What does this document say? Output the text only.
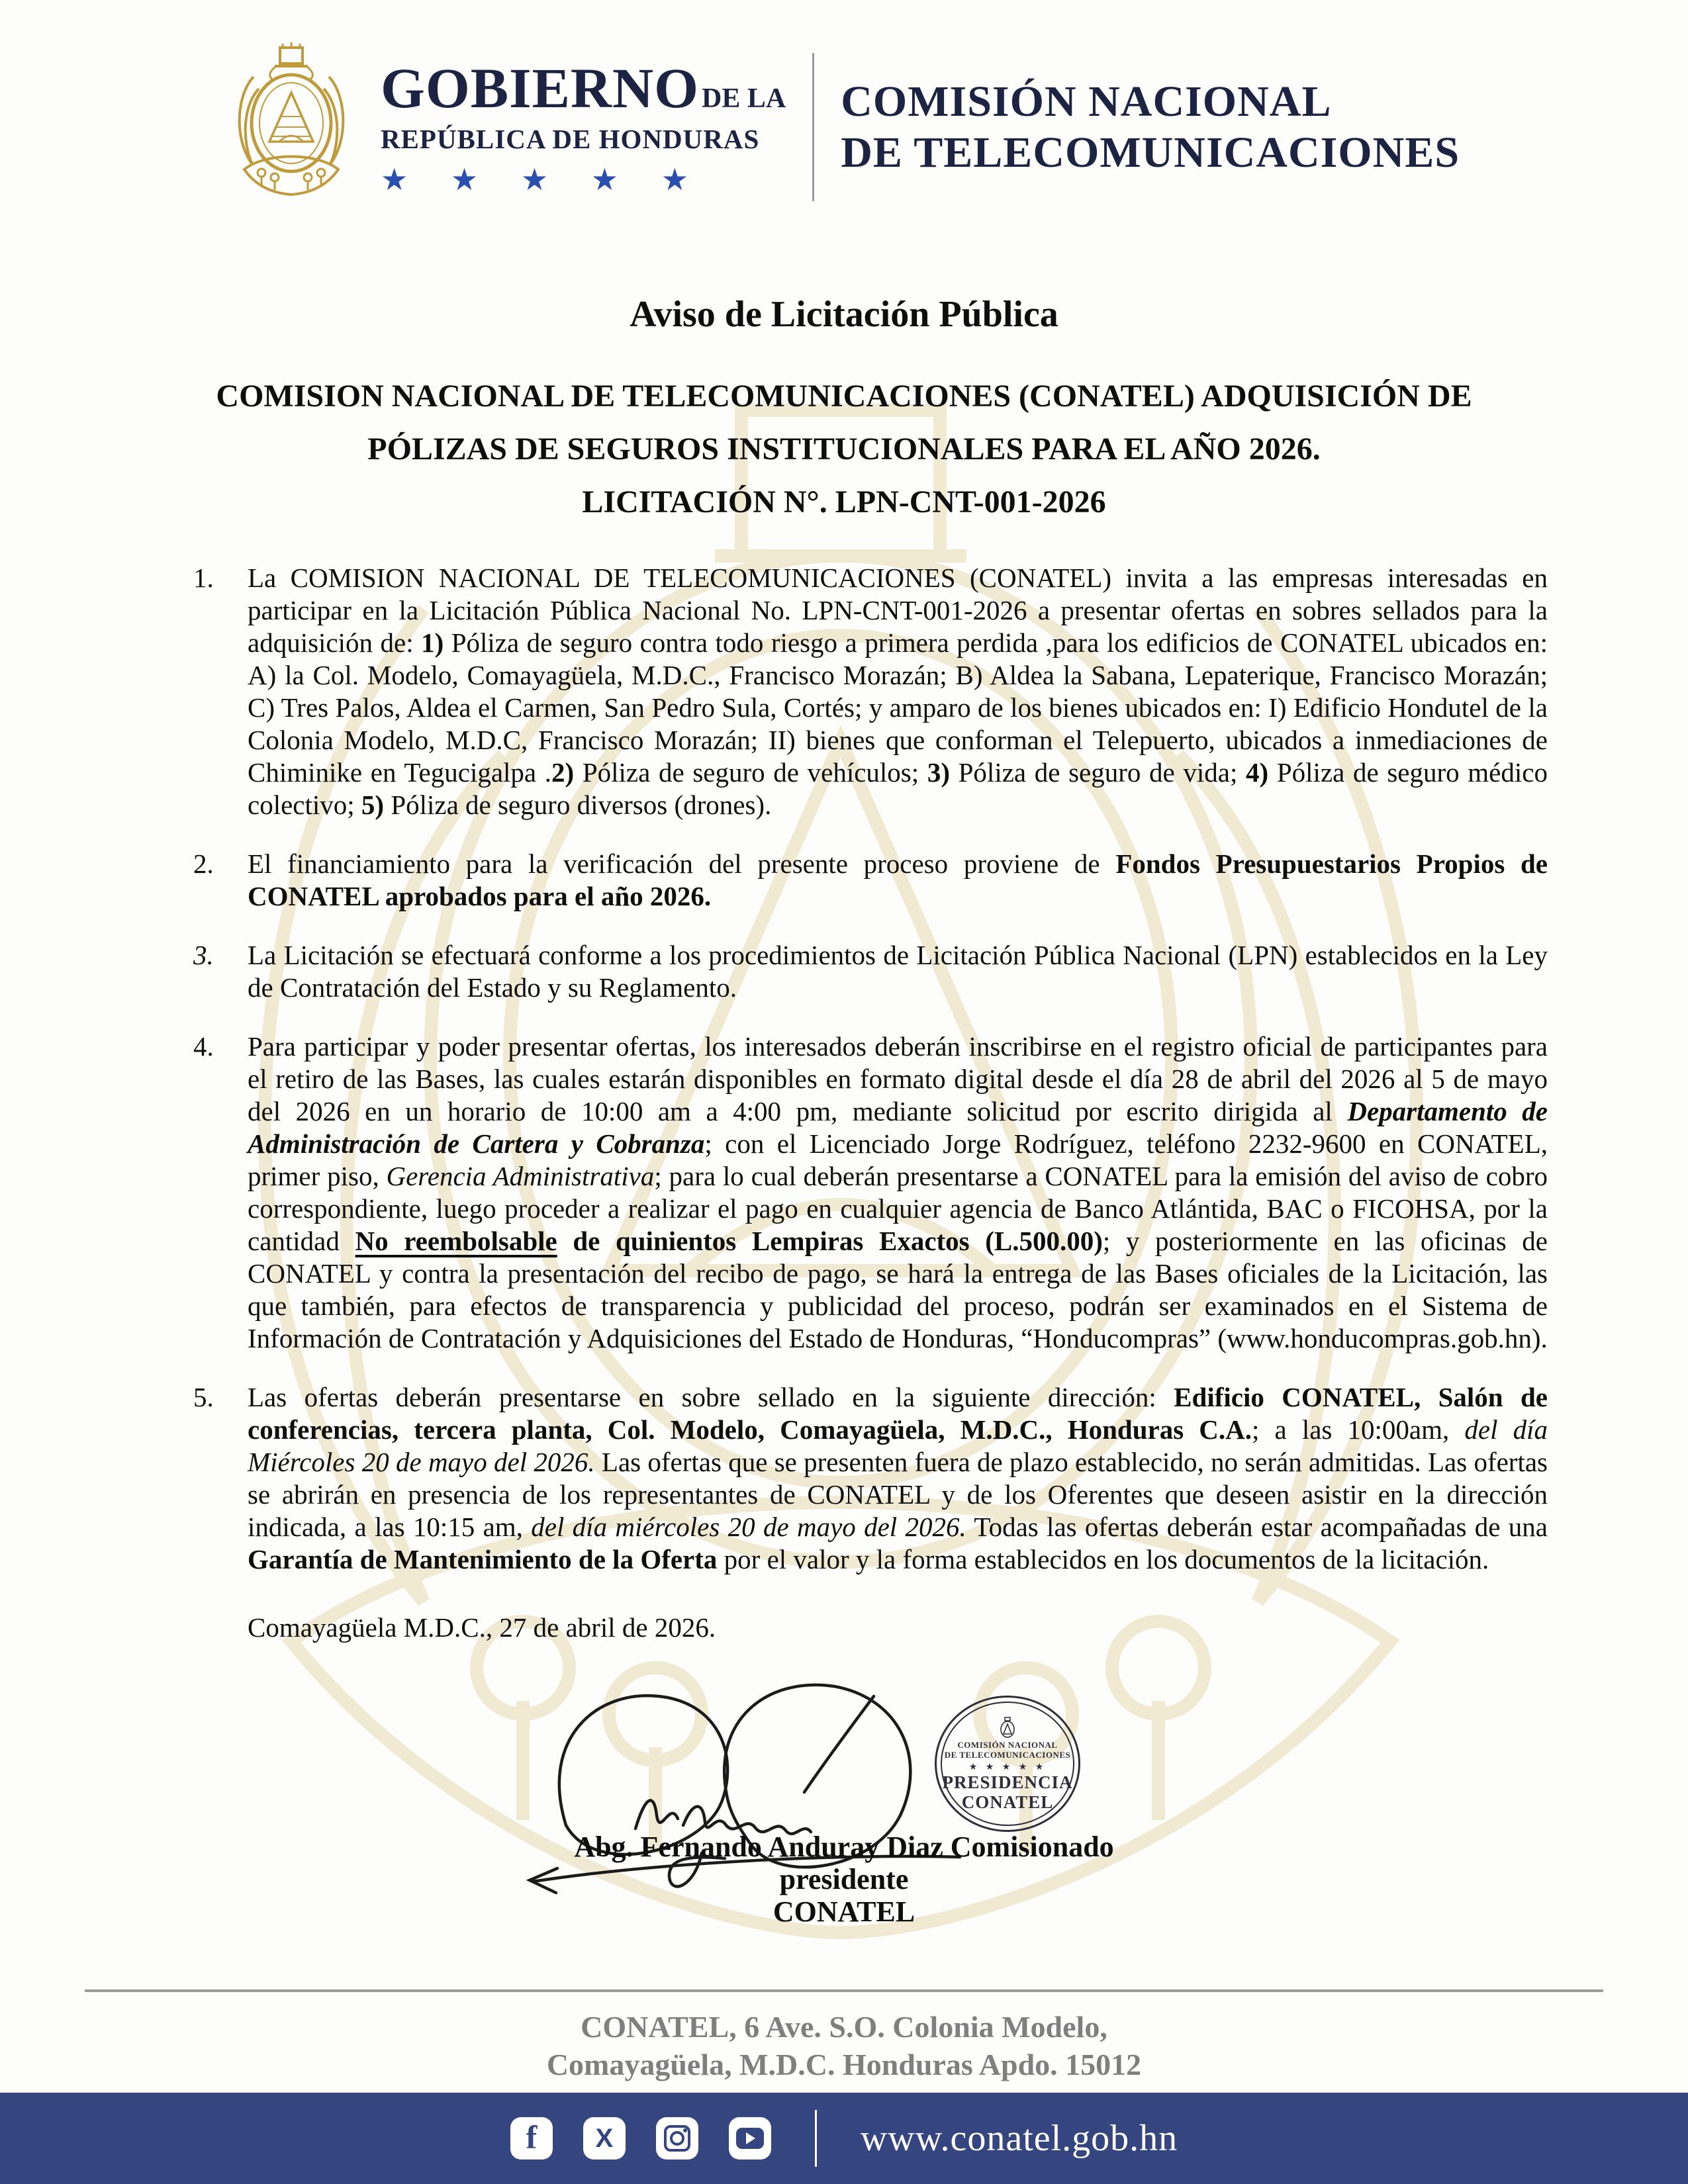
GOBIERNO DE LA
REPÚBLICA DE HONDURAS
★ ★ ★ ★ ★
COMISIÓN NACIONAL
DE TELECOMUNICACIONES
Aviso de Licitación Pública
COMISION NACIONAL DE TELECOMUNICACIONES (CONATEL) ADQUISICIÓN DE
PÓLIZAS DE SEGUROS INSTITUCIONALES PARA EL AÑO 2026.
LICITACIÓN N°. LPN-CNT-001-2026
1.	La COMISION NACIONAL DE TELECOMUNICACIONES (CONATEL) invita a las empresas interesadas en participar en la Licitación Pública Nacional No. LPN-CNT-001-2026 a presentar ofertas en sobres sellados para la adquisición de: 1) Póliza de seguro contra todo riesgo a primera perdida ,para los edificios de CONATEL ubicados en: A) la Col. Modelo, Comayagüela, M.D.C., Francisco Morazán; B) Aldea la Sabana, Lepaterique, Francisco Morazán; C) Tres Palos, Aldea el Carmen, San Pedro Sula, Cortés; y amparo de los bienes ubicados en: I) Edificio Hondutel de la Colonia Modelo, M.D.C, Francisco Morazán; II) bienes que conforman el Telepuerto, ubicados a inmediaciones de Chiminike en Tegucigalpa .2) Póliza de seguro de vehículos; 3) Póliza de seguro de vida; 4) Póliza de seguro médico colectivo; 5) Póliza de seguro diversos (drones).
2.	El financiamiento para la verificación del presente proceso proviene de Fondos Presupuestarios Propios de CONATEL aprobados para el año 2026.
3.	La Licitación se efectuará conforme a los procedimientos de Licitación Pública Nacional (LPN) establecidos en la Ley de Contratación del Estado y su Reglamento.
4.	Para participar y poder presentar ofertas, los interesados deberán inscribirse en el registro oficial de participantes para el retiro de las Bases, las cuales estarán disponibles en formato digital desde el día 28 de abril del 2026 al 5 de mayo del 2026 en un horario de 10:00 am a 4:00 pm, mediante solicitud por escrito dirigida al Departamento de Administración de Cartera y Cobranza; con el Licenciado Jorge Rodríguez, teléfono 2232-9600 en CONATEL, primer piso, Gerencia Administrativa; para lo cual deberán presentarse a CONATEL para la emisión del aviso de cobro correspondiente, luego proceder a realizar el pago en cualquier agencia de Banco Atlántida, BAC o FICOHSA, por la cantidad No reembolsable de quinientos Lempiras Exactos (L.500.00); y posteriormente en las oficinas de CONATEL y contra la presentación del recibo de pago, se hará la entrega de las Bases oficiales de la Licitación, las que también, para efectos de transparencia y publicidad del proceso, podrán ser examinados en el Sistema de Información de Contratación y Adquisiciones del Estado de Honduras, “Honducompras” (www.honducompras.gob.hn).
5.	Las ofertas deberán presentarse en sobre sellado en la siguiente dirección: Edificio CONATEL, Salón de conferencias, tercera planta, Col. Modelo, Comayagüela, M.D.C., Honduras C.A.; a las 10:00am, del día Miércoles 20 de mayo del 2026. Las ofertas que se presenten fuera de plazo establecido, no serán admitidas. Las ofertas se abrirán en presencia de los representantes de CONATEL y de los Oferentes que deseen asistir en la dirección indicada, a las 10:15 am, del día miércoles 20 de mayo del 2026. Todas las ofertas deberán estar acompañadas de una Garantía de Mantenimiento de la Oferta por el valor y la forma establecidos en los documentos de la licitación.
Comayagüela M.D.C., 27 de abril de 2026.
COMISIÓN NACIONAL
DE TELECOMUNICACIONES
★ ★ ★ ★ ★
PRESIDENCIA
CONATEL
Abg. Fernando Anduray Diaz Comisionado
presidente
CONATEL
CONATEL, 6 Ave. S.O. Colonia Modelo,
Comayagüela, M.D.C. Honduras Apdo. 15012
f X	www.conatel.gob.hn
